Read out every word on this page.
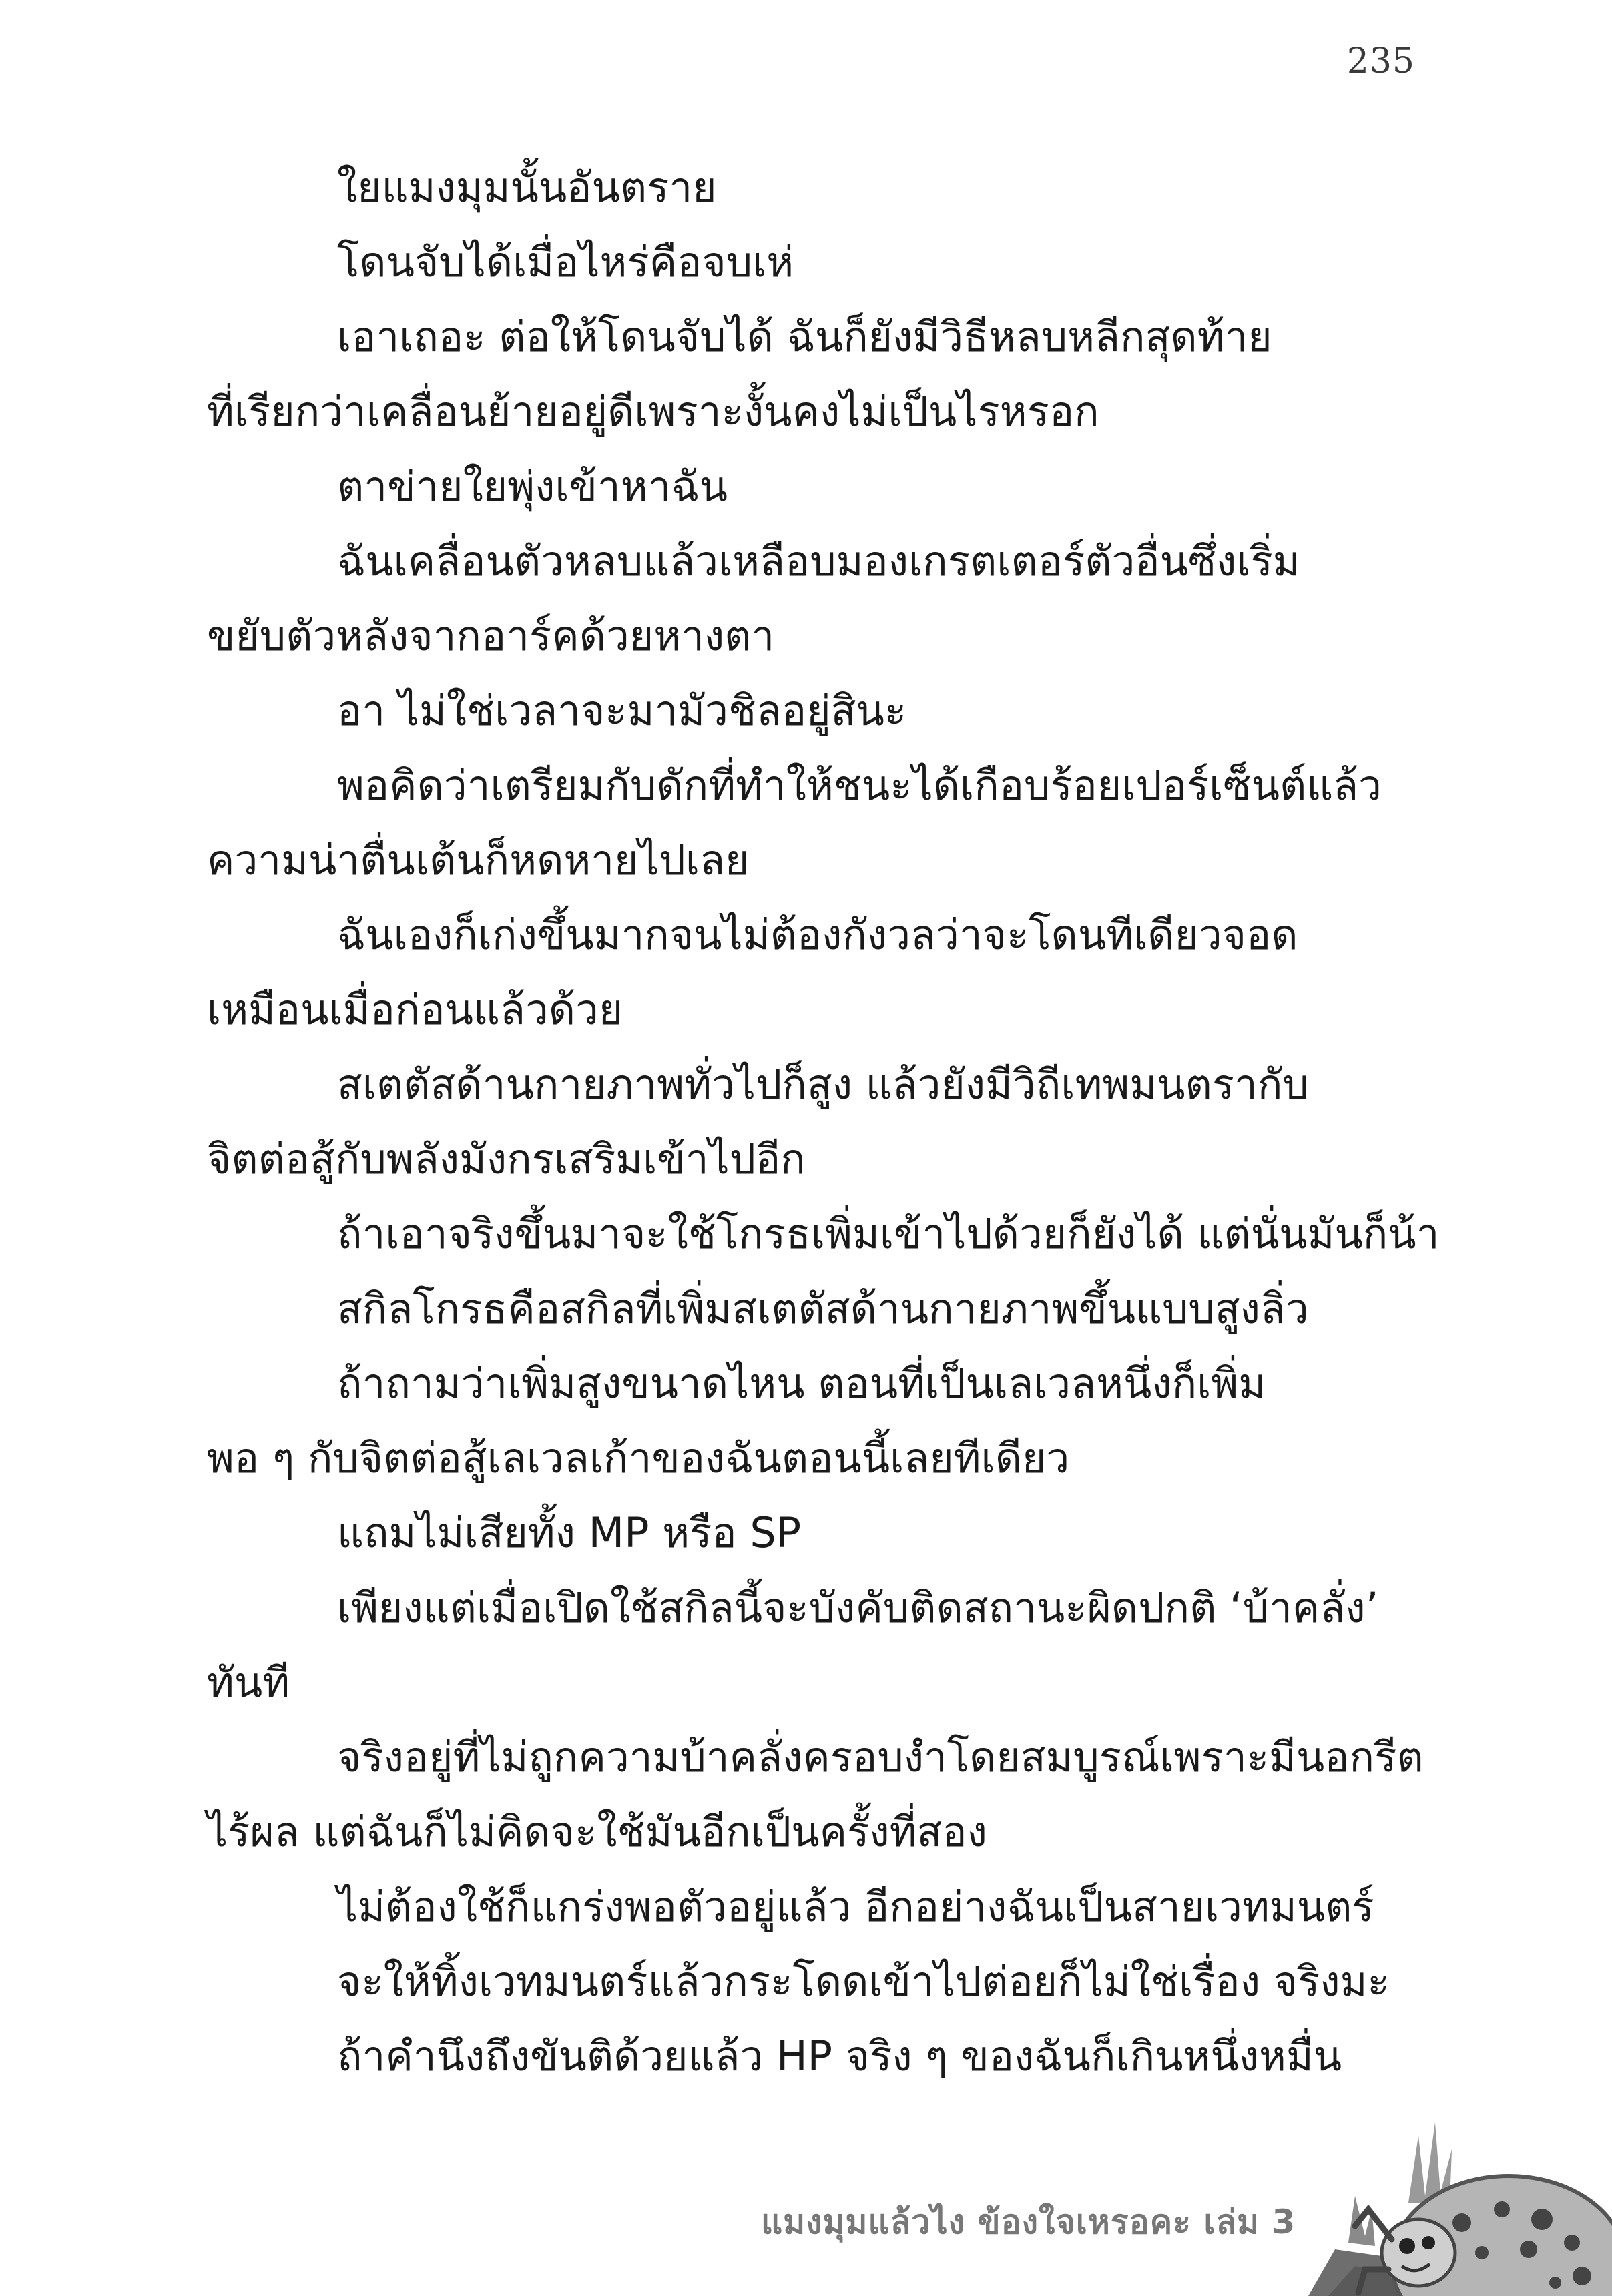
235

ใยแมงมุมนั้นอันตราย

โดนจับได้เมื่อไหร่คือจบเห่

เอาเถอะ ต่อให้โดนจับได้ ฉันก็ยังมีวิธีหลบหลีกสุดท้าย

ที่เรียกว่าเคลื่อนย้ายอยู่ดีเพราะงั้นคงไม่เป็นไรหรอก

ตาข่ายใยพุ่งเข้าหาฉัน

ฉันเคลื่อนตัวหลบแล้วเหลือบมองเกรตเตอร์ตัวอื่นซึ่งเริ่ม

ขยับตัวหลังจากอาร์คด้วยหางตา

อา ไม่ใช่เวลาจะมามัวชิลอยู่สินะ

พอคิดว่าเตรียมกับดักที่ทำให้ชนะได้เกือบร้อยเปอร์เซ็นต์แล้ว

ความน่าตื่นเต้นก็หดหายไปเลย

ฉันเองก็เก่งขึ้นมากจนไม่ต้องกังวลว่าจะโดนทีเดียวจอด

เหมือนเมื่อก่อนแล้วด้วย

สเตตัสด้านกายภาพทั่วไปก็สูง แล้วยังมีวิถีเทพมนตรากับ

จิตต่อสู้กับพลังมังกรเสริมเข้าไปอีก

ถ้าเอาจริงขึ้นมาจะใช้โกรธเพิ่มเข้าไปด้วยก็ยังได้ แต่นั่นมันก็น้า

สกิลโกรธคือสกิลที่เพิ่มสเตตัสด้านกายภาพขึ้นแบบสูงลิ่ว

ถ้าถามว่าเพิ่มสูงขนาดไหน ตอนที่เป็นเลเวลหนึ่งก็เพิ่ม

พอ ๆ กับจิตต่อสู้เลเวลเก้าของฉันตอนนี้เลยทีเดียว

แถมไม่เสียทั้ง MP หรือ SP

เพียงแต่เมื่อเปิดใช้สกิลนี้จะบังคับติดสถานะผิดปกติ ‘บ้าคลั่ง’

ทันที

จริงอยู่ที่ไม่ถูกความบ้าคลั่งครอบงำโดยสมบูรณ์เพราะมีนอกรีต

ไร้ผล แต่ฉันก็ไม่คิดจะใช้มันอีกเป็นครั้งที่สอง

ไม่ต้องใช้ก็แกร่งพอตัวอยู่แล้ว อีกอย่างฉันเป็นสายเวทมนตร์

จะให้ทิ้งเวทมนตร์แล้วกระโดดเข้าไปต่อยก็ไม่ใช่เรื่อง จริงมะ

ถ้าคำนึงถึงขันติด้วยแล้ว HP จริง ๆ ของฉันก็เกินหนึ่งหมื่น

แมงมุมแล้วไง ข้องใจเหรอคะ เล่ม 3
